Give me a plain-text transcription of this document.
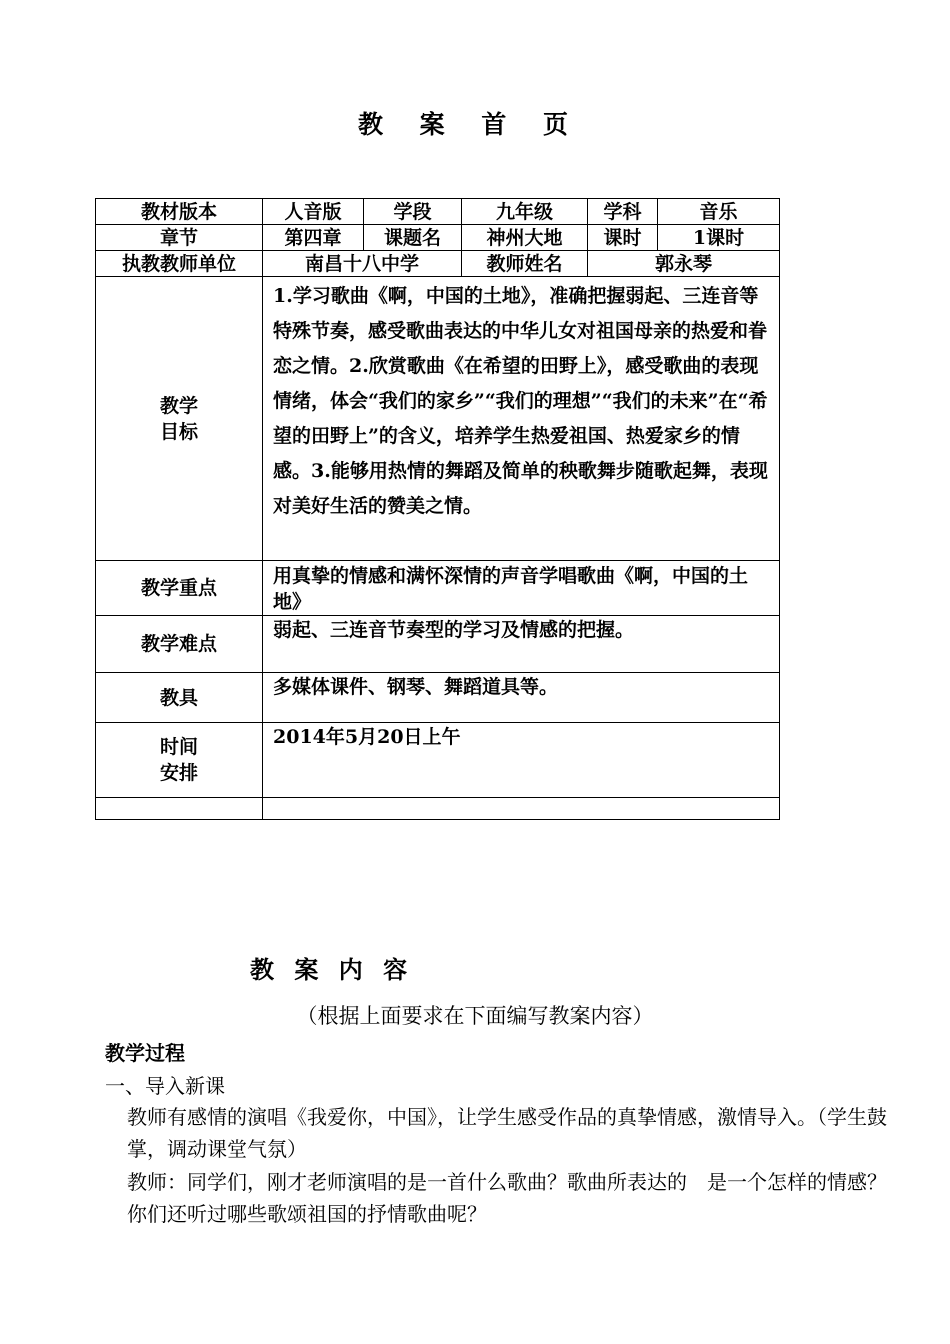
教 案 首 页
教材版本	人音版	学段	九年级	学科	音乐
章节	第四章	课题名	神州大地	课时	1课时
执教教师单位	南昌十八中学		教师姓名	郭永琴	

教学
目标	1.学习歌曲《啊，中国的土地》，准确把握弱起、三连音等特殊节奏，感受歌曲表达的中华儿女对祖国母亲的热爱和眷恋之情。2.欣赏歌曲《在希望的田野上》，感受歌曲的表现情绪，体会“我们的家乡”“我们的理想”“我们的未来”在“希望的田野上”的含义，培养学生热爱祖国、热爱家乡的情感。3.能够用热情的舞蹈及简单的秧歌舞步随歌起舞，表现对美好生活的赞美之情。				
教学重点	用真挚的情感和满怀深情的声音学唱歌曲《啊，中国的土地》				
教学难点	弱起、三连音节奏型的学习及情感的把握。				
教具	多媒体课件、钢琴、舞蹈道具等。				

时间
安排	2014年5月20日上午				

教 案 内 容
（根据上面要求在下面编写教案内容）
教学过程
一、导入新课
教师有感情的演唱《我爱你，中国》，让学生感受作品的真挚情感，激情导入。（学生鼓掌，调动课堂气氛）
教师：同学们，刚才老师演唱的是一首什么歌曲？歌曲所表达的　是一个怎样的情感？你们还听过哪些歌颂祖国的抒情歌曲呢？
